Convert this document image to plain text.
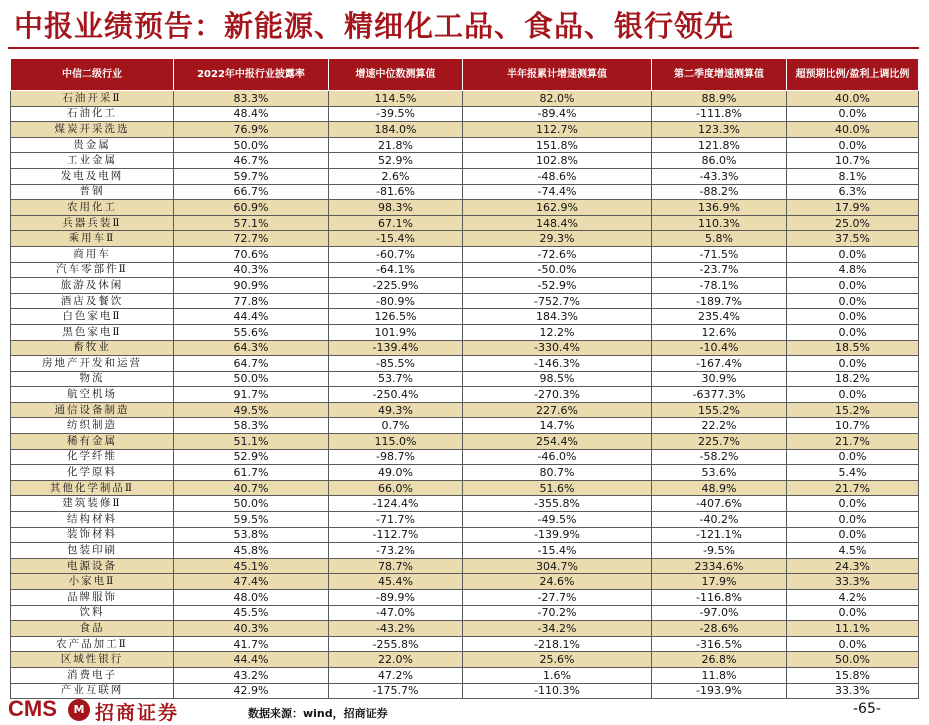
中报业绩预告：新能源、精细化工品、食品、银行领先
中信二级行业	2022年中报行业披露率	增速中位数测算值	半年报累计增速测算值	第二季度增速测算值	超预期比例/盈利上调比例
石油开采Ⅱ	83.3%	114.5%	82.0%	88.9%	40.0%
石油化工	48.4%	-39.5%	-89.4%	-111.8%	0.0%
煤炭开采洗选	76.9%	184.0%	112.7%	123.3%	40.0%
贵金属	50.0%	21.8%	151.8%	121.8%	0.0%
工业金属	46.7%	52.9%	102.8%	86.0%	10.7%
发电及电网	59.7%	2.6%	-48.6%	-43.3%	8.1%
普钢	66.7%	-81.6%	-74.4%	-88.2%	6.3%
农用化工	60.9%	98.3%	162.9%	136.9%	17.9%
兵器兵装Ⅱ	57.1%	67.1%	148.4%	110.3%	25.0%
乘用车Ⅱ	72.7%	-15.4%	29.3%	5.8%	37.5%
商用车	70.6%	-60.7%	-72.6%	-71.5%	0.0%
汽车零部件Ⅱ	40.3%	-64.1%	-50.0%	-23.7%	4.8%
旅游及休闲	90.9%	-225.9%	-52.9%	-78.1%	0.0%
酒店及餐饮	77.8%	-80.9%	-752.7%	-189.7%	0.0%
白色家电Ⅱ	44.4%	126.5%	184.3%	235.4%	0.0%
黑色家电Ⅱ	55.6%	101.9%	12.2%	12.6%	0.0%
畜牧业	64.3%	-139.4%	-330.4%	-10.4%	18.5%
房地产开发和运营	64.7%	-85.5%	-146.3%	-167.4%	0.0%
物流	50.0%	53.7%	98.5%	30.9%	18.2%
航空机场	91.7%	-250.4%	-270.3%	-6377.3%	0.0%
通信设备制造	49.5%	49.3%	227.6%	155.2%	15.2%
纺织制造	58.3%	0.7%	14.7%	22.2%	10.7%
稀有金属	51.1%	115.0%	254.4%	225.7%	21.7%
化学纤维	52.9%	-98.7%	-46.0%	-58.2%	0.0%
化学原料	61.7%	49.0%	80.7%	53.6%	5.4%
其他化学制品Ⅱ	40.7%	66.0%	51.6%	48.9%	21.7%
建筑装修Ⅱ	50.0%	-124.4%	-355.8%	-407.6%	0.0%
结构材料	59.5%	-71.7%	-49.5%	-40.2%	0.0%
装饰材料	53.8%	-112.7%	-139.9%	-121.1%	0.0%
包装印刷	45.8%	-73.2%	-15.4%	-9.5%	4.5%
电源设备	45.1%	78.7%	304.7%	2334.6%	24.3%
小家电Ⅱ	47.4%	45.4%	24.6%	17.9%	33.3%
品牌服饰	48.0%	-89.9%	-27.7%	-116.8%	4.2%
饮料	45.5%	-47.0%	-70.2%	-97.0%	0.0%
食品	40.3%	-43.2%	-34.2%	-28.6%	11.1%
农产品加工Ⅱ	41.7%	-255.8%	-218.1%	-316.5%	0.0%
区域性银行	44.4%	22.0%	25.6%	26.8%	50.0%
消费电子	43.2%	47.2%	1.6%	11.8%	15.8%
产业互联网	42.9%	-175.7%	-110.3%	-193.9%	33.3%
CMS	M 招商证券	数据来源：wind，招商证券	-65-
